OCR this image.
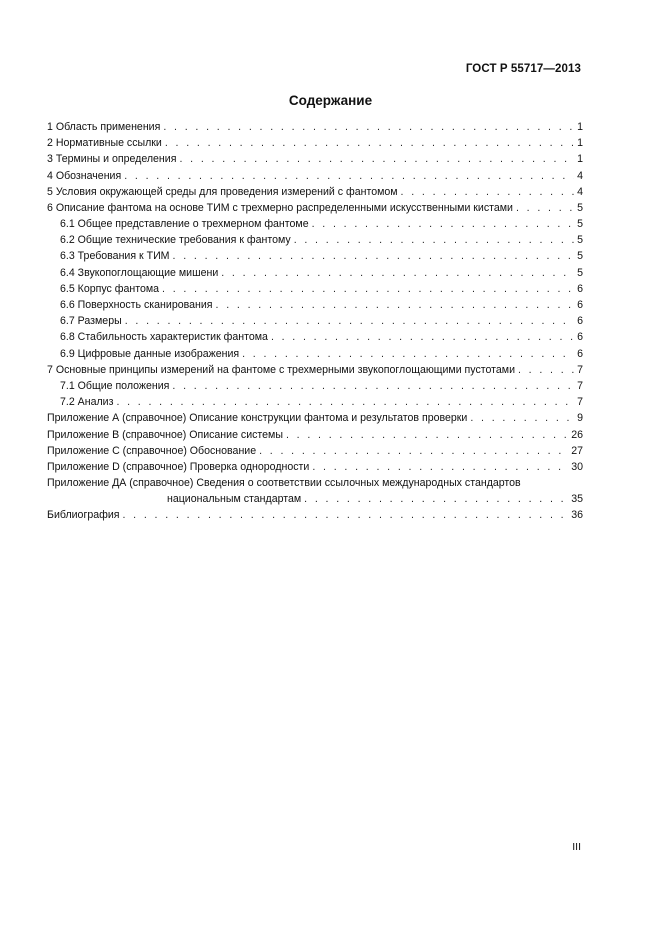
ГОСТ Р 55717—2013
Содержание
1 Область применения . . .	1
2 Нормативные ссылки . . .	1
3 Термины и определения . . .	1
4 Обозначения . . .	4
5 Условия окружающей среды для проведения измерений с фантомом . . .	4
6 Описание фантома на основе ТИМ с трехмерно распределенными искусственными кистами . . .	5
6.1 Общее представление о трехмерном фантоме . . .	5
6.2 Общие технические требования к фантому . . .	5
6.3 Требования к ТИМ . . .	5
6.4 Звукопоглощающие мишени . . .	5
6.5 Корпус фантома . . .	6
6.6 Поверхность сканирования . . .	6
6.7 Размеры . . .	6
6.8 Стабильность характеристик фантома . . .	6
6.9 Цифровые данные изображения . . .	6
7 Основные принципы измерений на фантоме с трехмерными звукопоглощающими пустотами . . .	7
7.1 Общие положения . . .	7
7.2 Анализ . . .	7
Приложение А (справочное) Описание конструкции фантома и результатов проверки . . .	9
Приложение В (справочное) Описание системы . . .	26
Приложение С (справочное) Обоснование . . .	27
Приложение D (справочное) Проверка однородности . . .	30
Приложение ДА (справочное) Сведения о соответствии ссылочных международных стандартов
национальным стандартам . . .	35
Библиография . . .	36
III
